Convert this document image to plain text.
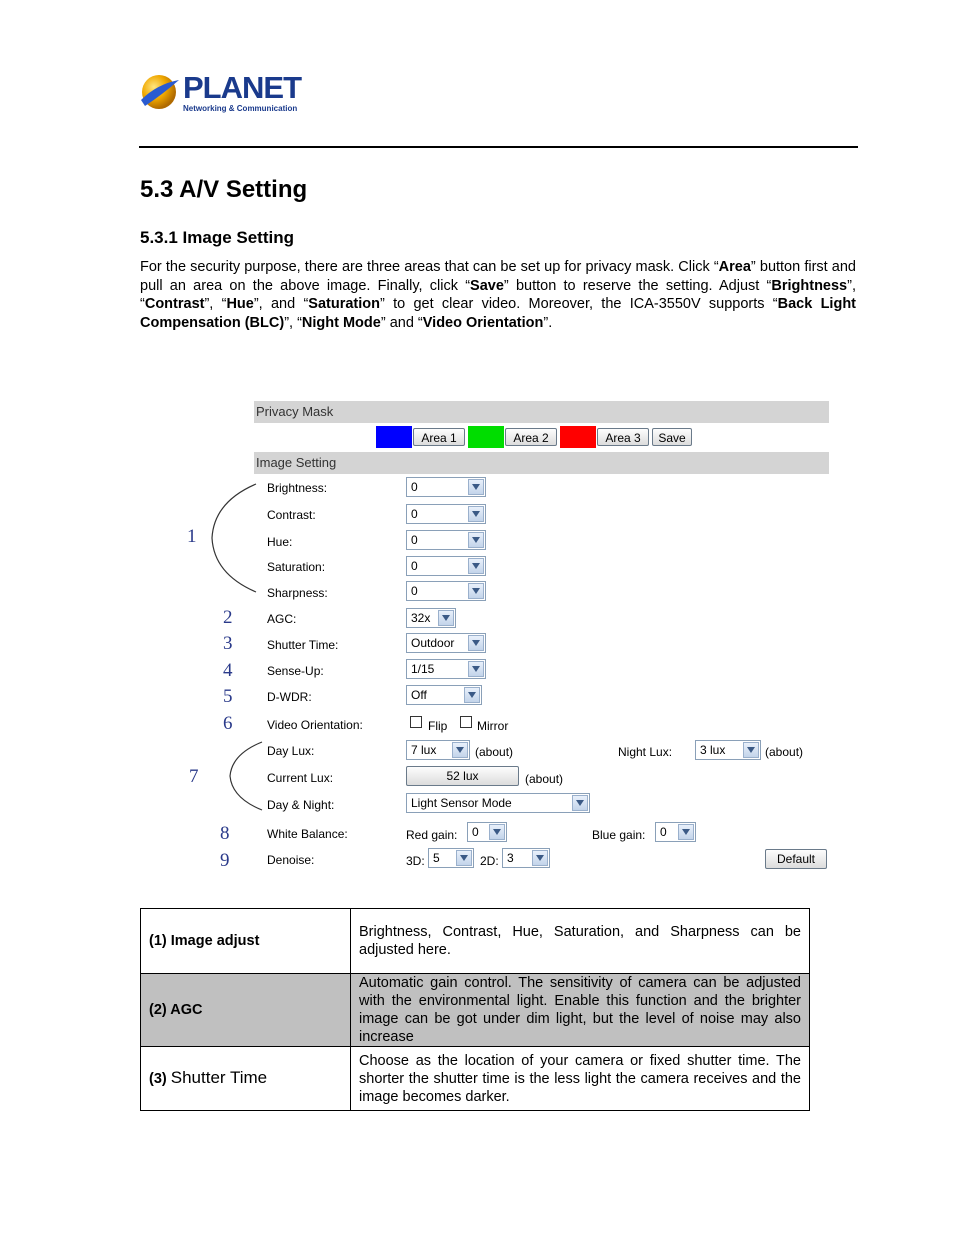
PLANET
Networking & Communication
5.3 A/V Setting
5.3.1 Image Setting
For the security purpose, there are three areas that can be set up for privacy mask. Click “Area” button first and pull an area on the above image. Finally, click “Save” button to reserve the setting. Adjust “Brightness”, “Contrast”, “Hue”, and “Saturation” to get clear video. Moreover, the ICA-3550V supports “Back Light Compensation (BLC)”, “Night Mode” and “Video Orientation”.
Privacy Mask
Area 1	Area 2	Area 3	Save
Image Setting
1
Brightness:	0
Contrast:	0
Hue:	0
Saturation:	0
Sharpness:	0
2	AGC:	32x
3	Shutter Time:	Outdoor
4	Sense-Up:	1/15
5	D-WDR:	Off
6	Video Orientation:	Flip Mirror
7
Day Lux:	7 lux	(about)	Night Lux:	3 lux	(about)
Current Lux:	52 lux	(about)
Day & Night:	Light Sensor Mode
8	White Balance:	Red gain:	0	Blue gain:	0
9	Denoise:	3D: 5	2D: 3	Default
(1) Image adjust	Brightness, Contrast, Hue, Saturation, and Sharpness can be adjusted here.
(2) AGC	Automatic gain control. The sensitivity of camera can be adjusted with the environmental light. Enable this function and the brighter image can be got under dim light, but the level of noise may also increase
(3) Shutter Time	Choose as the location of your camera or fixed shutter time. The shorter the shutter time is the less light the camera receives and the image becomes darker.
